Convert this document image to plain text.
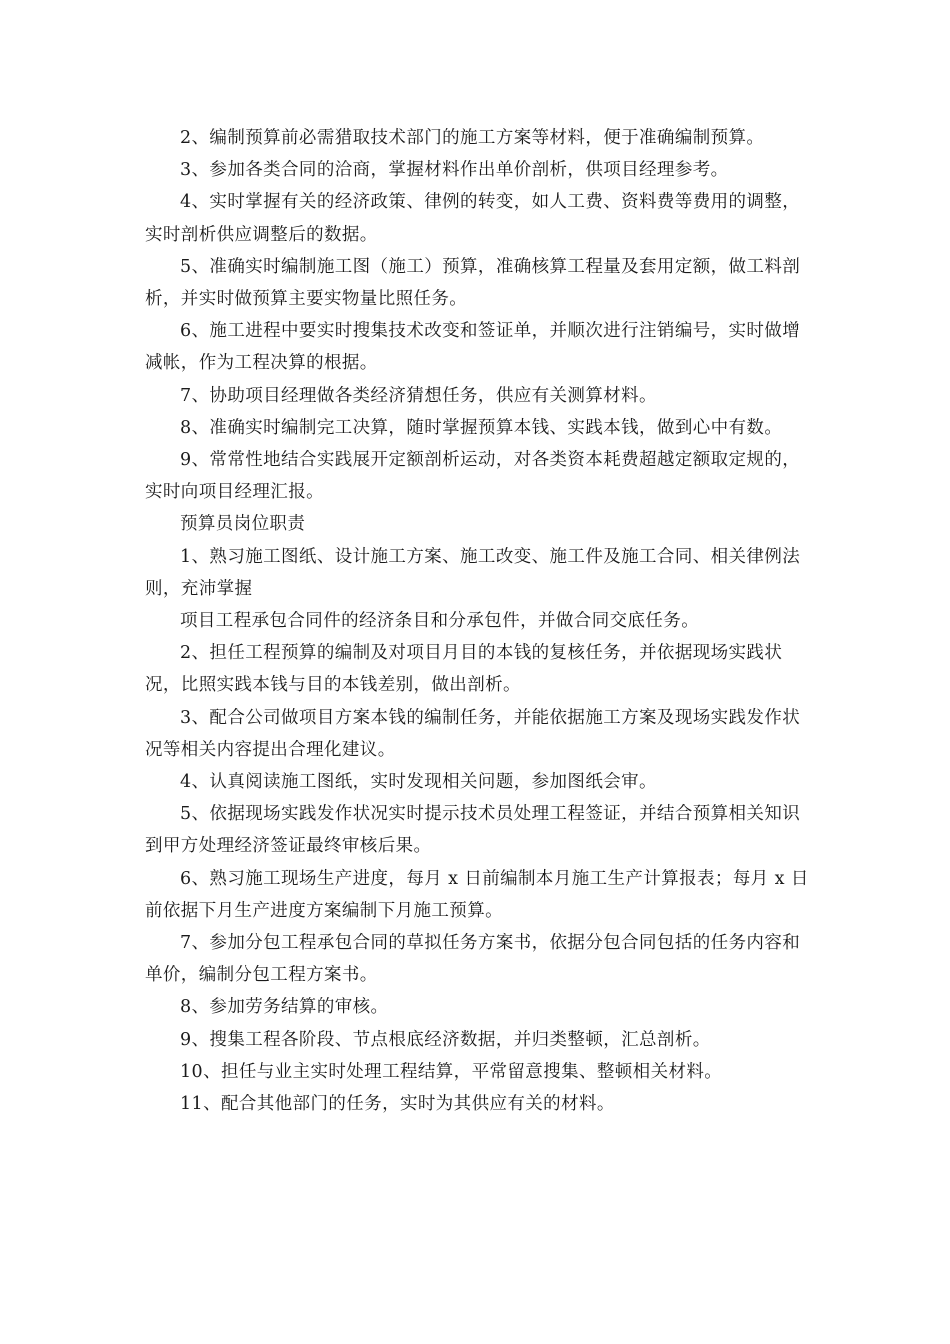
2、编制预算前必需猎取技术部门的施工方案等材料，便于准确编制预算。

3、参加各类合同的洽商，掌握材料作出单价剖析，供项目经理参考。

4、实时掌握有关的经济政策、律例的转变，如人工费、资料费等费用的调整，实时剖析供应调整后的数据。

5、准确实时编制施工图（施工）预算，准确核算工程量及套用定额，做工料剖析，并实时做预算主要实物量比照任务。

6、施工进程中要实时搜集技术改变和签证单，并顺次进行注销编号，实时做增减帐，作为工程决算的根据。

7、协助项目经理做各类经济猜想任务，供应有关测算材料。

8、准确实时编制完工决算，随时掌握预算本钱、实践本钱，做到心中有数。

9、常常性地结合实践展开定额剖析运动，对各类资本耗费超越定额取定规的，实时向项目经理汇报。

预算员岗位职责

1、熟习施工图纸、设计施工方案、施工改变、施工件及施工合同、相关律例法则，充沛掌握

项目工程承包合同件的经济条目和分承包件，并做合同交底任务。

2、担任工程预算的编制及对项目月目的本钱的复核任务，并依据现场实践状况，比照实践本钱与目的本钱差别，做出剖析。

3、配合公司做项目方案本钱的编制任务，并能依据施工方案及现场实践发作状况等相关内容提出合理化建议。

4、认真阅读施工图纸，实时发现相关问题，参加图纸会审。

5、依据现场实践发作状况实时提示技术员处理工程签证，并结合预算相关知识到甲方处理经济签证最终审核后果。

6、熟习施工现场生产进度，每月 x 日前编制本月施工生产计算报表；每月 x 日前依据下月生产进度方案编制下月施工预算。

7、参加分包工程承包合同的草拟任务方案书，依据分包合同包括的任务内容和单价，编制分包工程方案书。

8、参加劳务结算的审核。

9、搜集工程各阶段、节点根底经济数据，并归类整顿，汇总剖析。

10、担任与业主实时处理工程结算，平常留意搜集、整顿相关材料。

11、配合其他部门的任务，实时为其供应有关的材料。
